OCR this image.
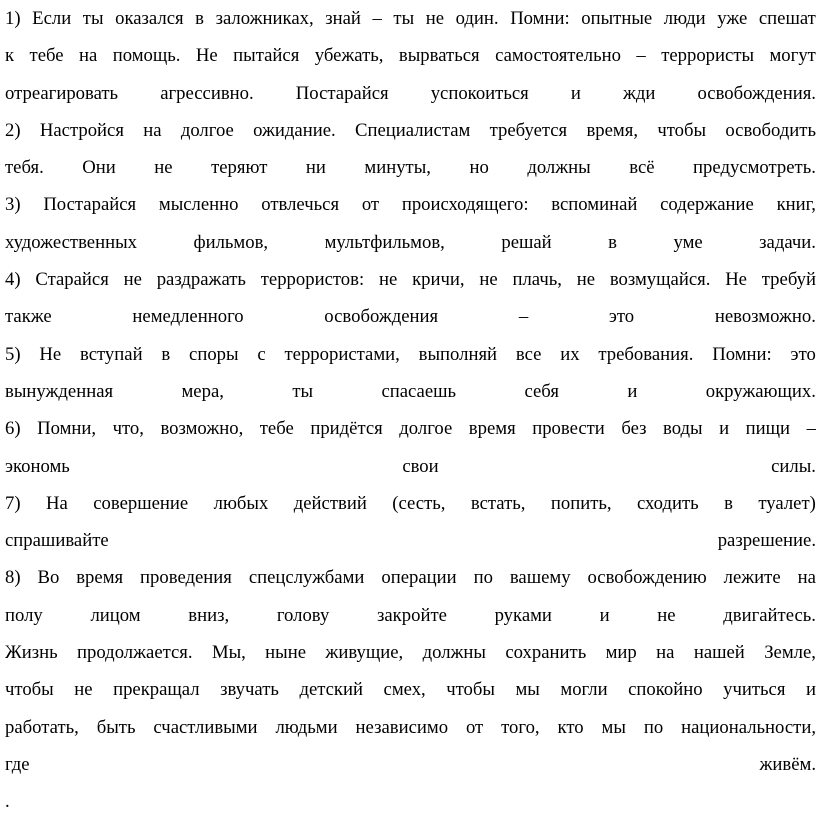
1) Если ты оказался в заложниках, знай – ты не один. Помни: опытные люди уже спешат
к тебе на помощь. Не пытайся убежать, вырваться самостоятельно – террористы могут
отреагировать агрессивно. Постарайся успокоиться и жди освобождения.
2) Настройся на долгое ожидание. Специалистам требуется время, чтобы освободить
тебя. Они не теряют ни минуты, но должны всё предусмотреть.
3) Постарайся мысленно отвлечься от происходящего: вспоминай содержание книг,
художественных	фильмов,	мультфильмов,	решай	в	уме	задачи.
4) Старайся не раздражать террористов: не кричи, не плачь, не возмущайся. Не требуй
также	немедленного	освобождения	–	это	невозможно.
5) Не вступай в споры с террористами, выполняй все их требования. Помни: это
вынужденная	мера,	ты	спасаешь	себя	и	окружающих.
6) Помни, что, возможно, тебе придётся долгое время провести без воды и пищи –
экономь	свои	силы.
7) На совершение любых действий (сесть, встать, попить, сходить в туалет)
спрашивайте	разрешение.
8) Во время проведения спецслужбами операции по вашему освобождению лежите на
полу	лицом	вниз,	голову	закройте	руками	и	не	двигайтесь.
Жизнь продолжается. Мы, ныне живущие, должны сохранить мир на нашей Земле,
чтобы не прекращал звучать детский смех, чтобы мы могли спокойно учиться и
работать, быть счастливыми людьми независимо от того, кто мы по национальности,
где	живём.
.
